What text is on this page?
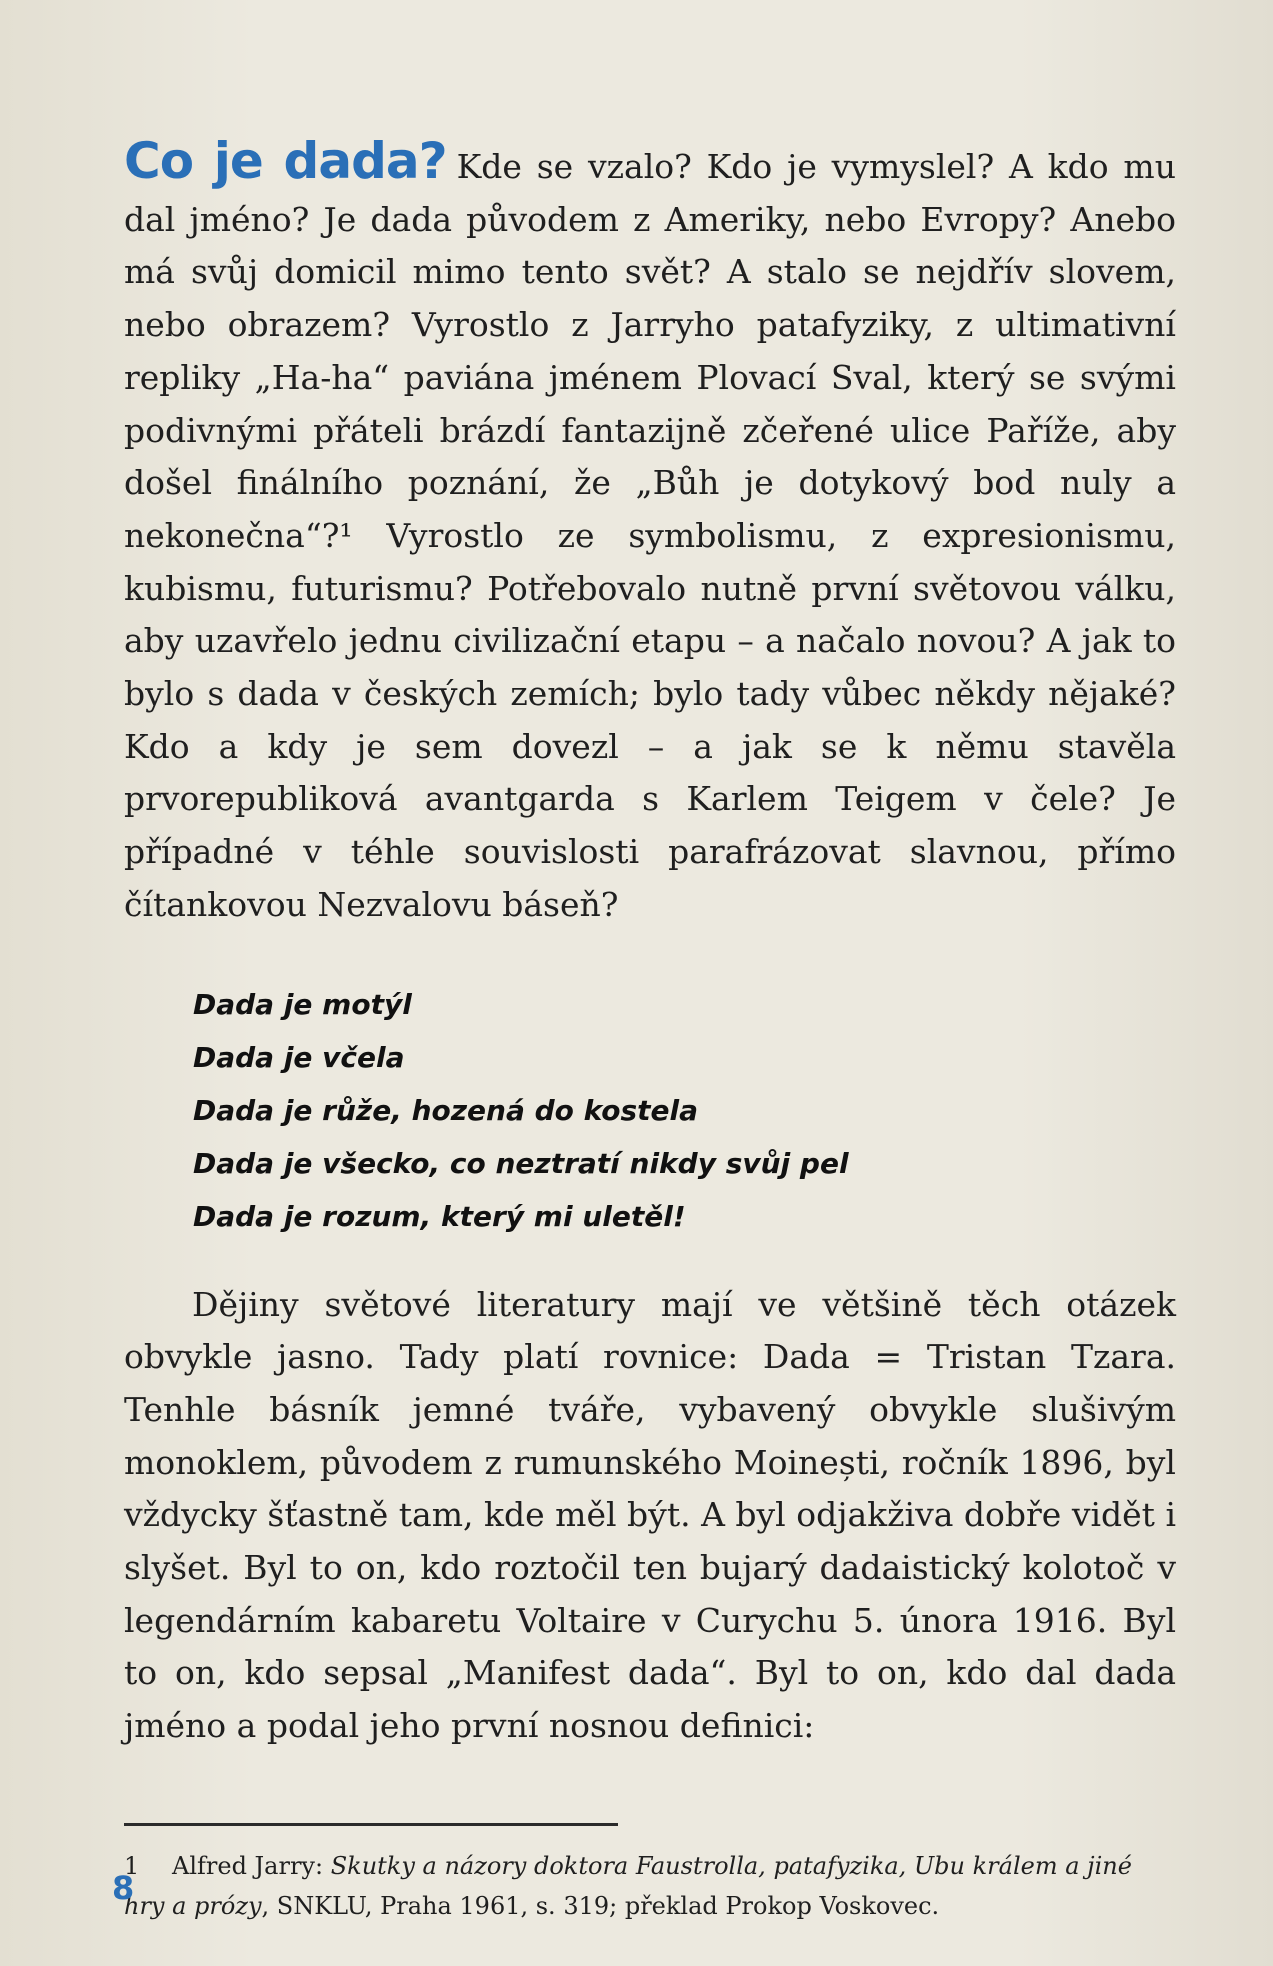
Co je dada? Kde se vzalo? Kdo je vymyslel? A kdo mu dal jméno? Je dada původem z Ameriky, nebo Evropy? Anebo má svůj domicil mimo tento svět? A stalo se nejdřív slovem, nebo obrazem? Vyrostlo z Jarryho patafyziky, z ultimativní repliky „Ha-ha“ paviána jménem Plovací Sval, který se svými podivnými přáteli brázdí fantazijně zčeřené ulice Paříže, aby došel finálního poznání, že „Bůh je dotykový bod nuly a nekonečna“?¹ Vyrostlo ze symbolismu, z expresionismu, kubismu, futurismu? Potřebovalo nutně první světovou válku, aby uzavřelo jednu civilizační etapu – a načalo novou? A jak to bylo s dada v českých zemích; bylo tady vůbec někdy nějaké? Kdo a kdy je sem dovezl – a jak se k němu stavěla prvorepubliková avantgarda s Karlem Teigem v čele? Je případné v téhle souvislosti parafrázovat slavnou, přímo čítankovou Nezvalovu báseň?

Dada je motýl
Dada je včela
Dada je růže, hozená do kostela
Dada je všecko, co neztratí nikdy svůj pel
Dada je rozum, který mi uletěl!

Dějiny světové literatury mají ve většině těch otázek obvykle jasno. Tady platí rovnice: Dada = Tristan Tzara. Tenhle básník jemné tváře, vybavený obvykle slušivým monoklem, původem z rumunského Moinești, ročník 1896, byl vždycky šťastně tam, kde měl být. A byl odjakživa dobře vidět i slyšet. Byl to on, kdo roztočil ten bujarý dadaistický kolotoč v legendárním kabaretu Voltaire v Curychu 5. února 1916. Byl to on, kdo sepsal „Manifest dada“. Byl to on, kdo dal dada jméno a podal jeho první nosnou definici:

1 Alfred Jarry: Skutky a názory doktora Faustrolla, patafyzika, Ubu králem a jiné hry a prózy, SNKLU, Praha 1961, s. 319; překlad Prokop Voskovec.
8
